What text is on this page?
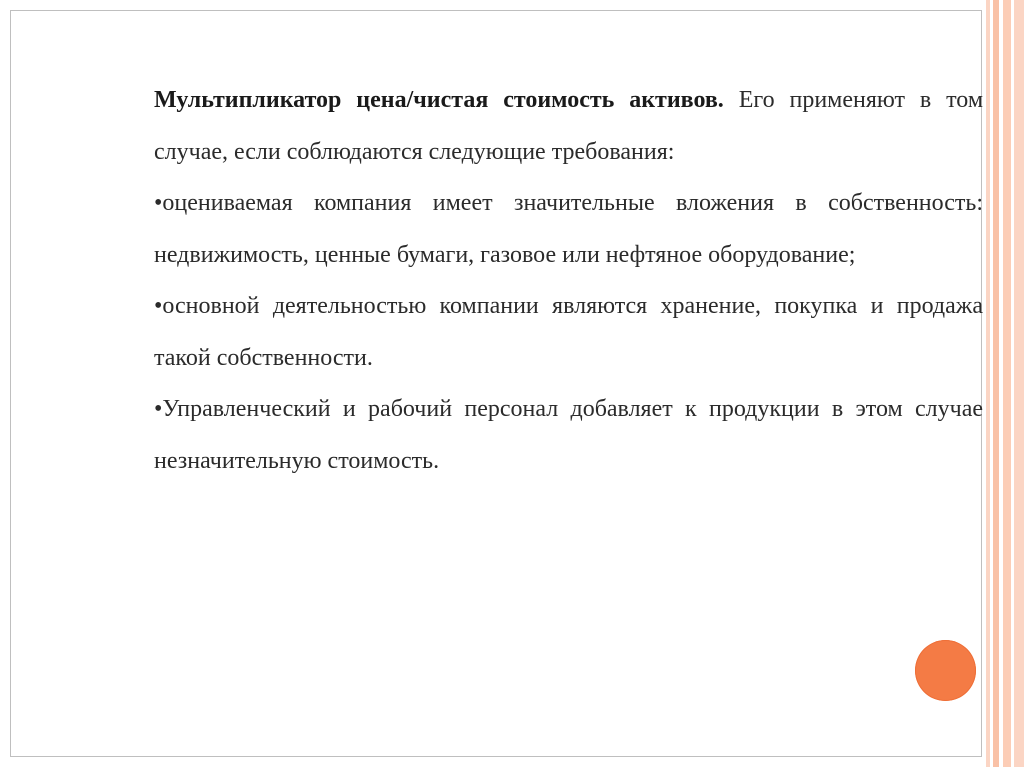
Мультипликатор цена/чистая стоимость активов. Его применяют в том случае, если соблюдаются следующие требования:

•оцениваемая компания имеет значительные вложения в собственность: недвижимость, ценные бумаги, газовое или нефтяное оборудование;

•основной деятельностью компании являются хранение, покупка и продажа такой собственности.

•Управленческий и рабочий персонал добавляет к продукции в этом случае незначительную стоимость.
